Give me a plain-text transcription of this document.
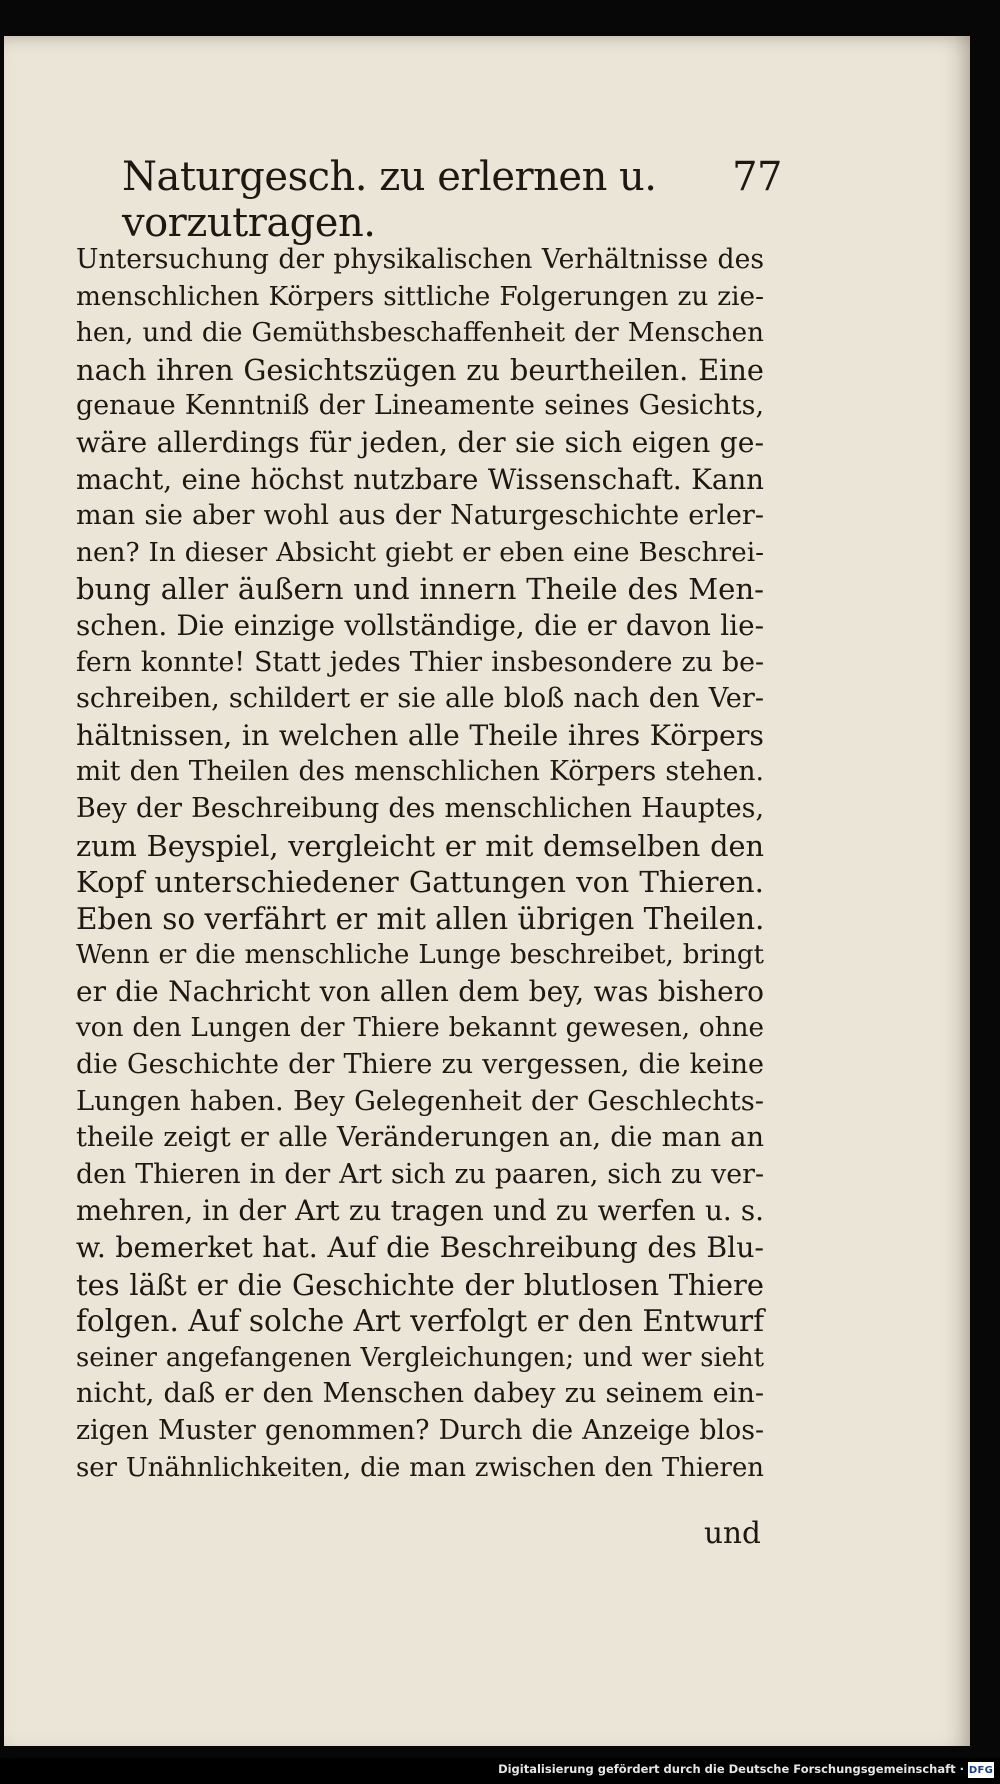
Naturgesch. zu erlernen u. vorzutragen.
77
Untersuchung der physikalischen Verhältnisse des
menschlichen Körpers sittliche Folgerungen zu zie-
hen, und die Gemüthsbeschaffenheit der Menschen
nach ihren Gesichtszügen zu beurtheilen. Eine
genaue Kenntniß der Lineamente seines Gesichts,
wäre allerdings für jeden, der sie sich eigen ge-
macht, eine höchst nutzbare Wissenschaft. Kann
man sie aber wohl aus der Naturgeschichte erler-
nen? In dieser Absicht giebt er eben eine Beschrei-
bung aller äußern und innern Theile des Men-
schen. Die einzige vollständige, die er davon lie-
fern konnte! Statt jedes Thier insbesondere zu be-
schreiben, schildert er sie alle bloß nach den Ver-
hältnissen, in welchen alle Theile ihres Körpers
mit den Theilen des menschlichen Körpers stehen.
Bey der Beschreibung des menschlichen Hauptes,
zum Beyspiel, vergleicht er mit demselben den
Kopf unterschiedener Gattungen von Thieren.
Eben so verfährt er mit allen übrigen Theilen.
Wenn er die menschliche Lunge beschreibet, bringt
er die Nachricht von allen dem bey, was bishero
von den Lungen der Thiere bekannt gewesen, ohne
die Geschichte der Thiere zu vergessen, die keine
Lungen haben. Bey Gelegenheit der Geschlechts-
theile zeigt er alle Veränderungen an, die man an
den Thieren in der Art sich zu paaren, sich zu ver-
mehren, in der Art zu tragen und zu werfen u. s.
w. bemerket hat. Auf die Beschreibung des Blu-
tes läßt er die Geschichte der blutlosen Thiere
folgen. Auf solche Art verfolgt er den Entwurf
seiner angefangenen Vergleichungen; und wer sieht
nicht, daß er den Menschen dabey zu seinem ein-
zigen Muster genommen? Durch die Anzeige blos-
ser Unähnlichkeiten, die man zwischen den Thieren
und
Digitalisierung gefördert durch die Deutsche Forschungsgemeinschaft · DFG
